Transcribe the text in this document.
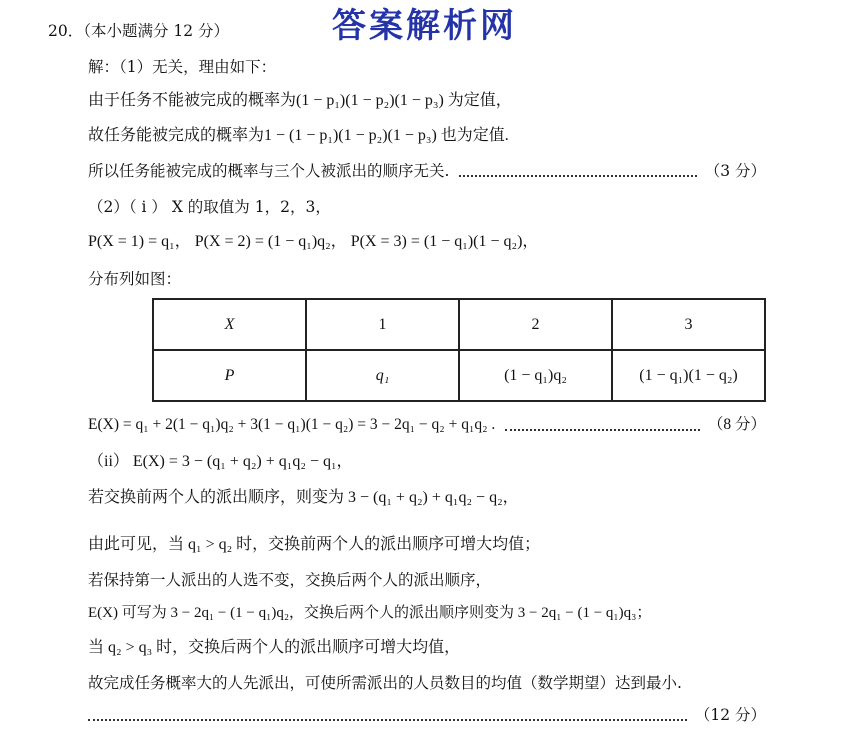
20．（本小题满分 12 分）	答案解析网
解：（1）无关，理由如下：
由于任务不能被完成的概率为(1 − p₁)(1 − p₂)(1 − p₃) 为定值，
故任务能被完成的概率为1 − (1 − p₁)(1 − p₂)(1 − p₃) 也为定值.
所以任务能被完成的概率与三个人被派出的顺序无关.	（3 分）
（2）（ i ） X 的取值为 1，2，3，
P(X = 1) = q₁， P(X = 2) = (1 − q₁)q₂， P(X = 3) = (1 − q₁)(1 − q₂)，
分布列如图：
X	1	2	3
P	q₁	(1 − q₁)q₂	(1 − q₁)(1 − q₂)
E(X) = q₁ + 2(1 − q₁)q₂ + 3(1 − q₁)(1 − q₂) = 3 − 2q₁ − q₂ + q₁q₂ .	（8 分）
（ii） E(X) = 3 − (q₁ + q₂) + q₁q₂ − q₁，
若交换前两个人的派出顺序，则变为 3 − (q₁ + q₂) + q₁q₂ − q₂，
由此可见，当 q₁ > q₂ 时，交换前两个人的派出顺序可增大均值；
若保持第一人派出的人选不变，交换后两个人的派出顺序，
E(X) 可写为 3 − 2q₁ − (1 − q₁)q₂，交换后两个人的派出顺序则变为 3 − 2q₁ − (1 − q₁)q₃；
当 q₂ > q₃ 时，交换后两个人的派出顺序可增大均值，
故完成任务概率大的人先派出，可使所需派出的人员数目的均值（数学期望）达到最小.
（12 分）
